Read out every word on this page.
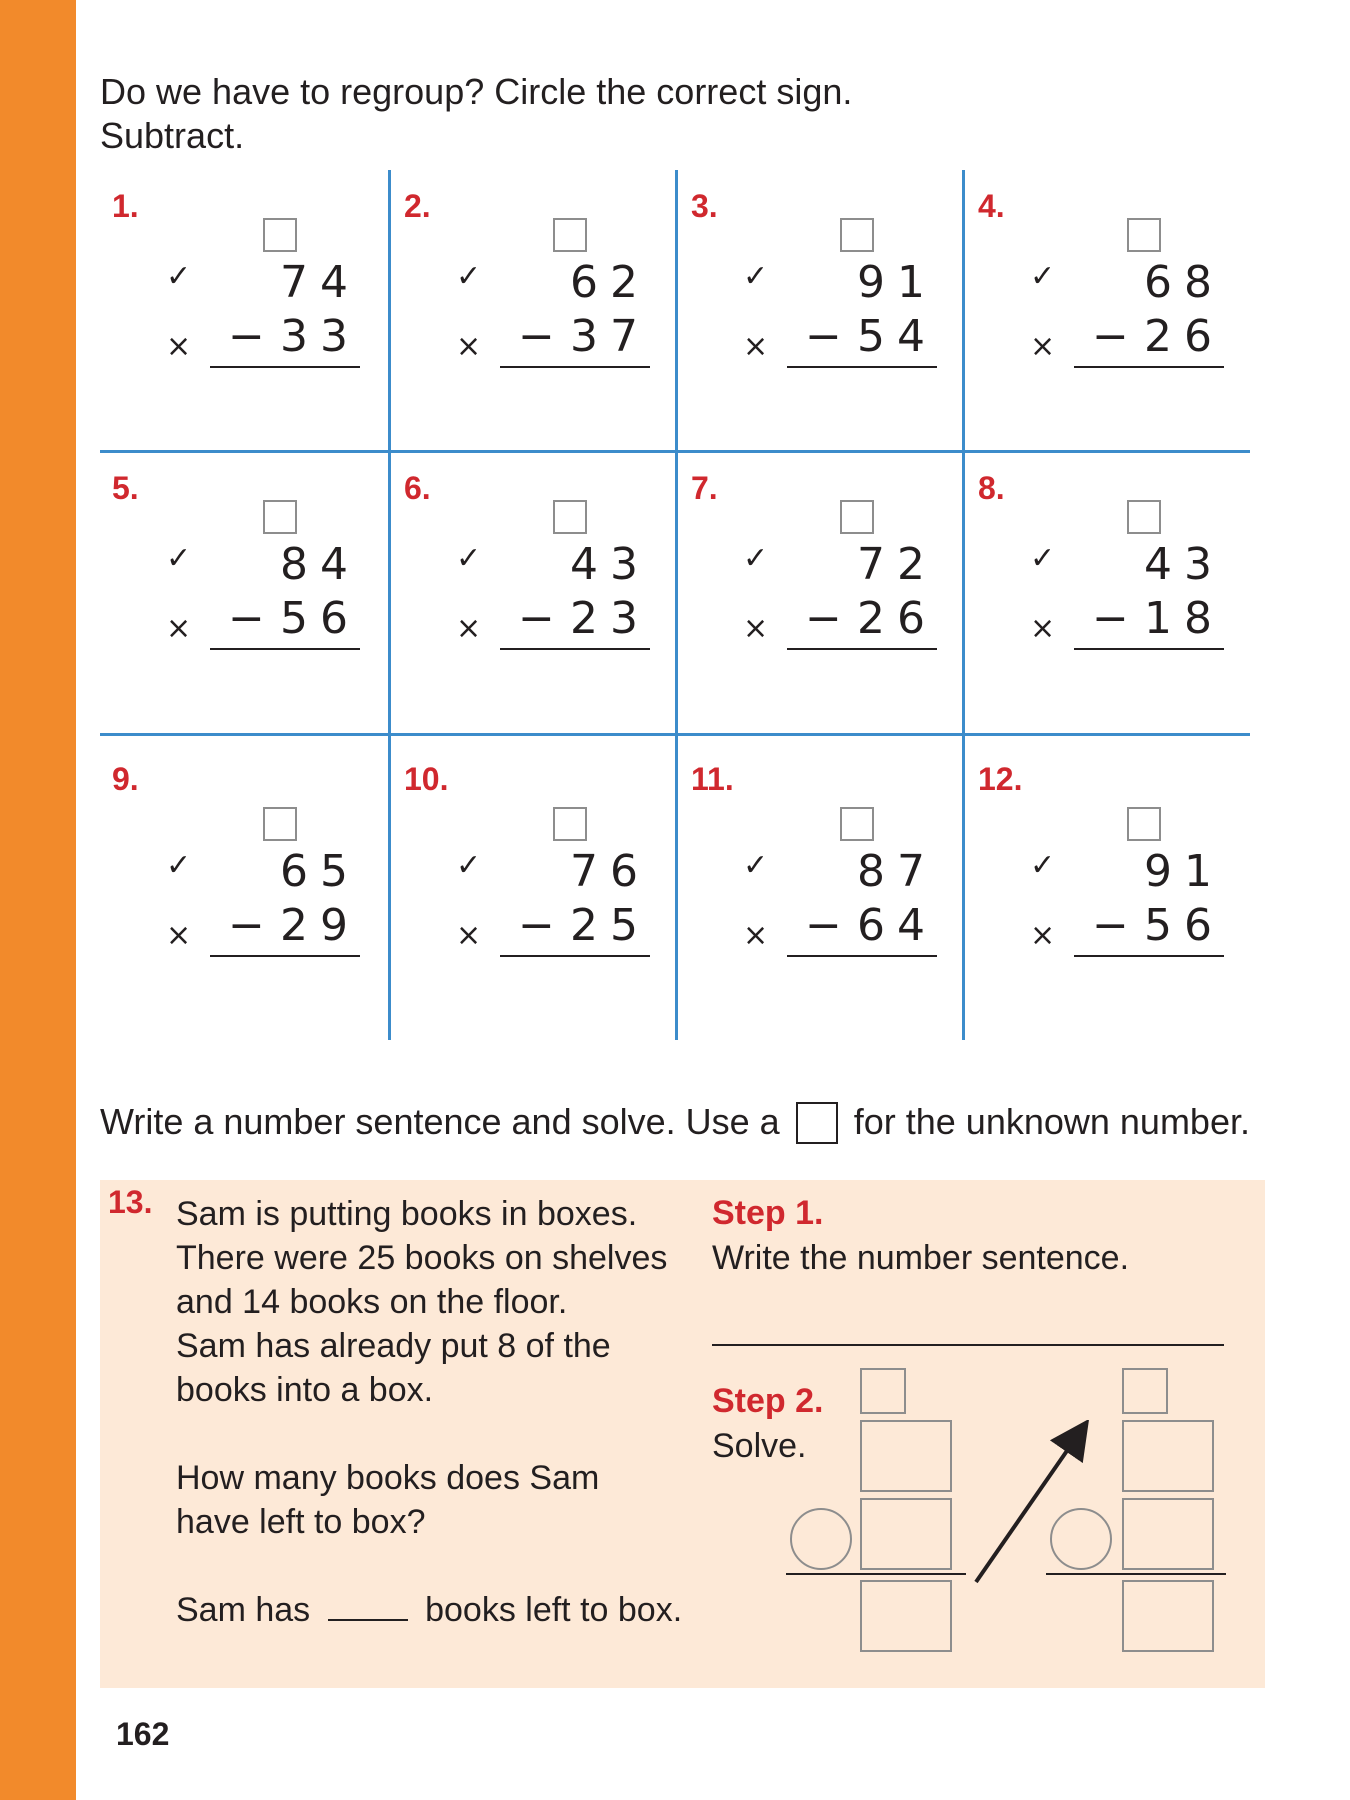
Do we have to regroup? Circle the correct sign.
Subtract.
1.
✓
×
74
− 33
2.
✓
×
62
− 37
3.
✓
×
91
− 54
4.
✓
×
68
− 26
5.
✓
×
84
− 56
6.
✓
×
43
− 23
7.
✓
×
72
− 26
8.
✓
×
43
− 18
9.
✓
×
65
− 29
10.
✓
×
76
− 25
11.
✓
×
87
− 64
12.
✓
×
91
− 56
Write a number sentence and solve. Use a for the unknown number.
13. Sam is putting books in boxes.
There were 25 books on shelves
and 14 books on the floor.
Sam has already put 8 of the
books into a box.
How many books does Sam
have left to box?
Sam has	books left to box.
Step 1.
Write the number sentence.
Step 2.
Solve.
162
